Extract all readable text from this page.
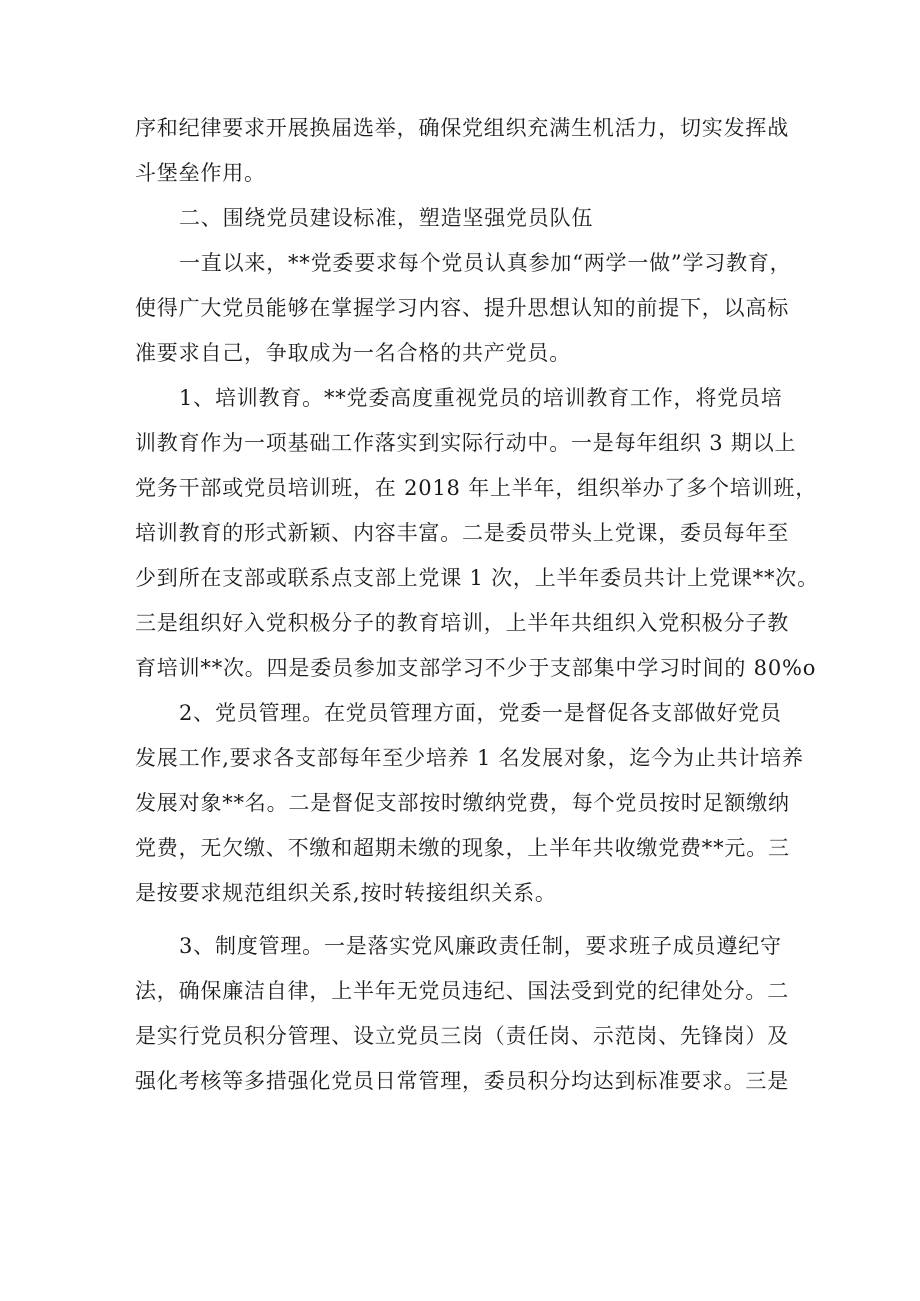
序和纪律要求开展换届选举，确保党组织充满生机活力，切实发挥战
斗堡垒作用。
二、围绕党员建设标准，塑造坚强党员队伍
一直以来，**党委要求每个党员认真参加“两学一做”学习教育，
使得广大党员能够在掌握学习内容、提升思想认知的前提下，以高标
准要求自己，争取成为一名合格的共产党员。
1、培训教育。**党委高度重视党员的培训教育工作，将党员培
训教育作为一项基础工作落实到实际行动中。一是每年组织 3 期以上
党务干部或党员培训班，在 2018 年上半年，组织举办了多个培训班，
培训教育的形式新颖、内容丰富。二是委员带头上党课，委员每年至
少到所在支部或联系点支部上党课 1 次，上半年委员共计上党课**次。
三是组织好入党积极分子的教育培训，上半年共组织入党积极分子教
育培训**次。四是委员参加支部学习不少于支部集中学习时间的 80%o
2、党员管理。在党员管理方面，党委一是督促各支部做好党员
发展工作,要求各支部每年至少培养 1 名发展对象，迄今为止共计培养
发展对象**名。二是督促支部按时缴纳党费，每个党员按时足额缴纳
党费，无欠缴、不缴和超期未缴的现象，上半年共收缴党费**元。三
是按要求规范组织关系,按时转接组织关系。
3、制度管理。一是落实党风廉政责任制，要求班子成员遵纪守
法，确保廉洁自律，上半年无党员违纪、国法受到党的纪律处分。二
是实行党员积分管理、设立党员三岗（责任岗、示范岗、先锋岗）及
强化考核等多措强化党员日常管理，委员积分均达到标准要求。三是
